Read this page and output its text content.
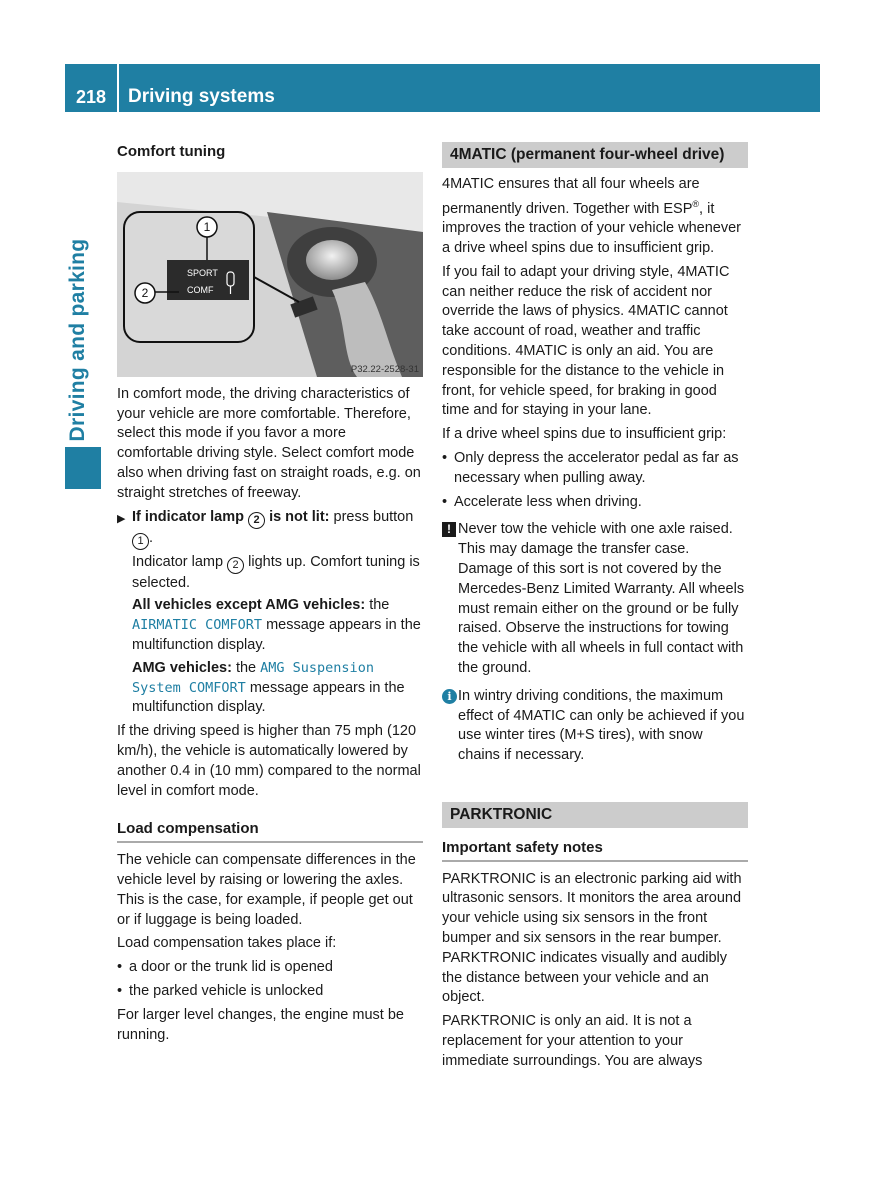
218	Driving systems
Driving and parking
Comfort tuning
SPORT
COMF
1
2
P32.22-2528-31

In comfort mode, the driving characteristics of your vehicle are more comfortable. Therefore, select this mode if you favor a more comfortable driving style. Select comfort mode also when driving fast on straight roads, e.g. on straight stretches of freeway.

▶ If indicator lamp 2 is not lit: press button 1 .
Indicator lamp 2 lights up. Comfort tuning is selected.
All vehicles except AMG vehicles: the AIRMATIC COMFORT message appears in the multifunction display.
AMG vehicles: the AMG Suspension System COMFORT message appears in the multifunction display.

If the driving speed is higher than 75 mph (120 km/h), the vehicle is automatically lowered by another 0.4 in (10 mm) compared to the normal level in comfort mode.

Load compensation

The vehicle can compensate differences in the vehicle level by raising or lowering the axles. This is the case, for example, if people get out or if luggage is being loaded.

Load compensation takes place if:

• a door or the trunk lid is opened
• the parked vehicle is unlocked

For larger level changes, the engine must be running.

4MATIC (permanent four-wheel drive)

4MATIC ensures that all four wheels are permanently driven. Together with ESP®, it improves the traction of your vehicle whenever a drive wheel spins due to insufficient grip.

If you fail to adapt your driving style, 4MATIC can neither reduce the risk of accident nor override the laws of physics. 4MATIC cannot take account of road, weather and traffic conditions. 4MATIC is only an aid. You are responsible for the distance to the vehicle in front, for vehicle speed, for braking in good time and for staying in your lane.

If a drive wheel spins due to insufficient grip:

• Only depress the accelerator pedal as far as necessary when pulling away.
• Accelerate less when driving.
! Never tow the vehicle with one axle raised. This may damage the transfer case. Damage of this sort is not covered by the Mercedes-Benz Limited Warranty. All wheels must remain either on the ground or be fully raised. Observe the instructions for towing the vehicle with all wheels in full contact with the ground.
i In wintry driving conditions, the maximum effect of 4MATIC can only be achieved if you use winter tires (M+S tires), with snow chains if necessary.
PARKTRONIC
Important safety notes

PARKTRONIC is an electronic parking aid with ultrasonic sensors. It monitors the area around your vehicle using six sensors in the front bumper and six sensors in the rear bumper. PARKTRONIC indicates visually and audibly the distance between your vehicle and an object.

PARKTRONIC is only an aid. It is not a replacement for your attention to your immediate surroundings. You are always
